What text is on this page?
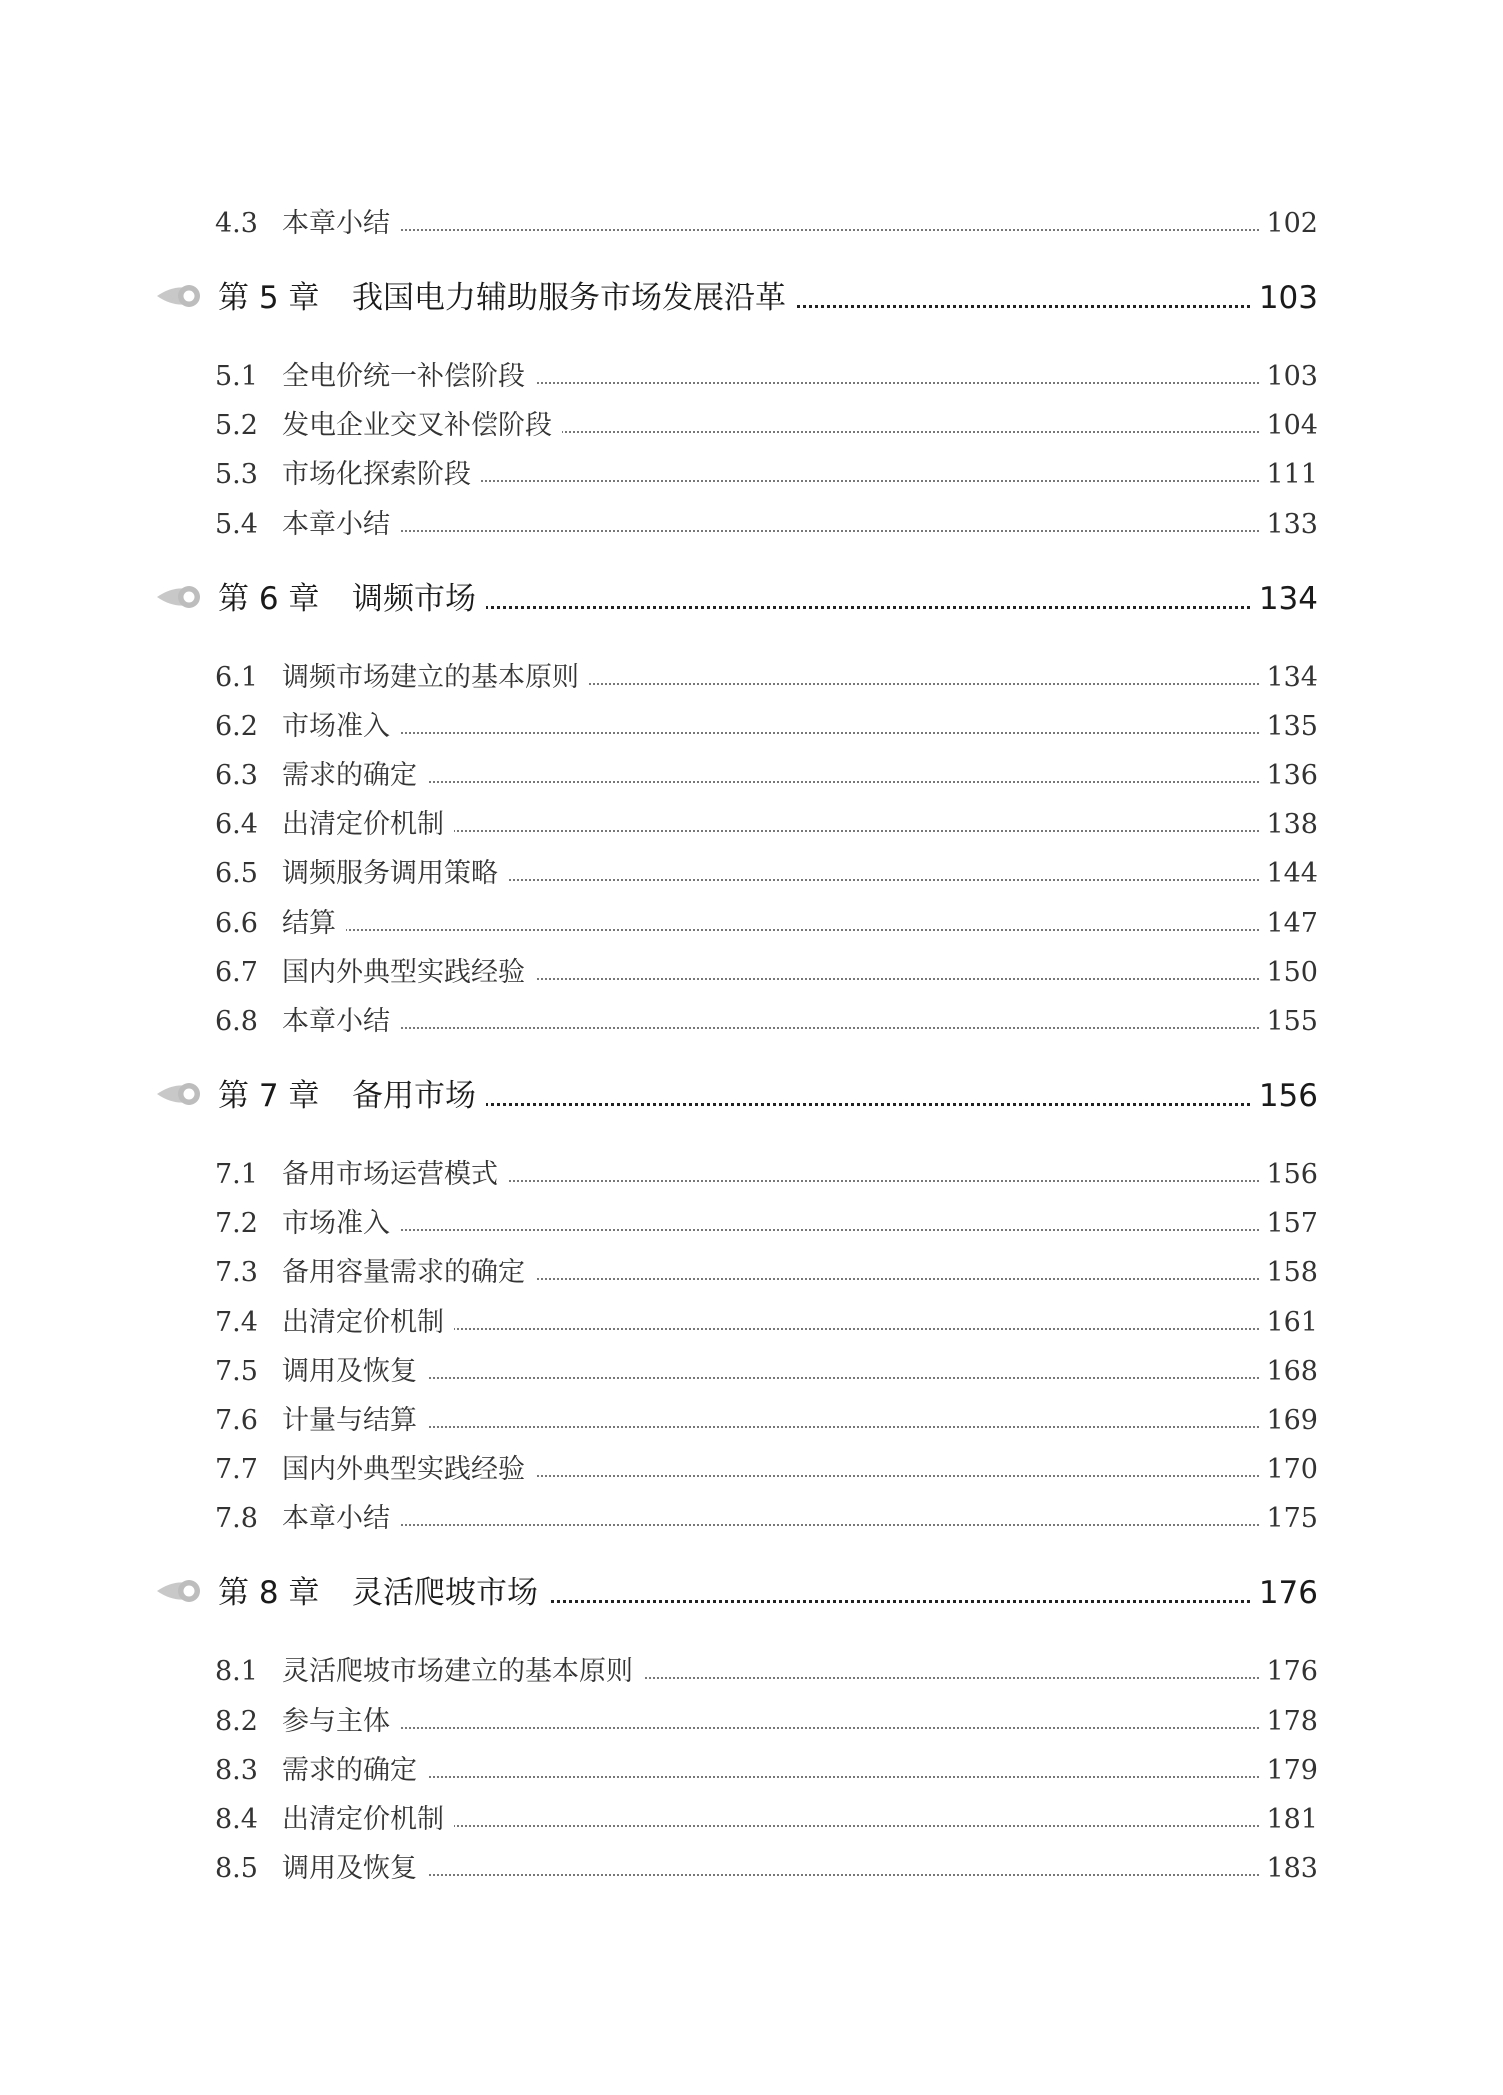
4.3 本章小结	102
第 5 章 我国电力辅助服务市场发展沿革	103
5.1 全电价统一补偿阶段	103
5.2 发电企业交叉补偿阶段	104
5.3 市场化探索阶段	111
5.4 本章小结	133
第 6 章 调频市场	134
6.1 调频市场建立的基本原则	134
6.2 市场准入	135
6.3 需求的确定	136
6.4 出清定价机制	138
6.5 调频服务调用策略	144
6.6 结算	147
6.7 国内外典型实践经验	150
6.8 本章小结	155
第 7 章 备用市场	156
7.1 备用市场运营模式	156
7.2 市场准入	157
7.3 备用容量需求的确定	158
7.4 出清定价机制	161
7.5 调用及恢复	168
7.6 计量与结算	169
7.7 国内外典型实践经验	170
7.8 本章小结	175
第 8 章 灵活爬坡市场	176
8.1 灵活爬坡市场建立的基本原则	176
8.2 参与主体	178
8.3 需求的确定	179
8.4 出清定价机制	181
8.5 调用及恢复	183
